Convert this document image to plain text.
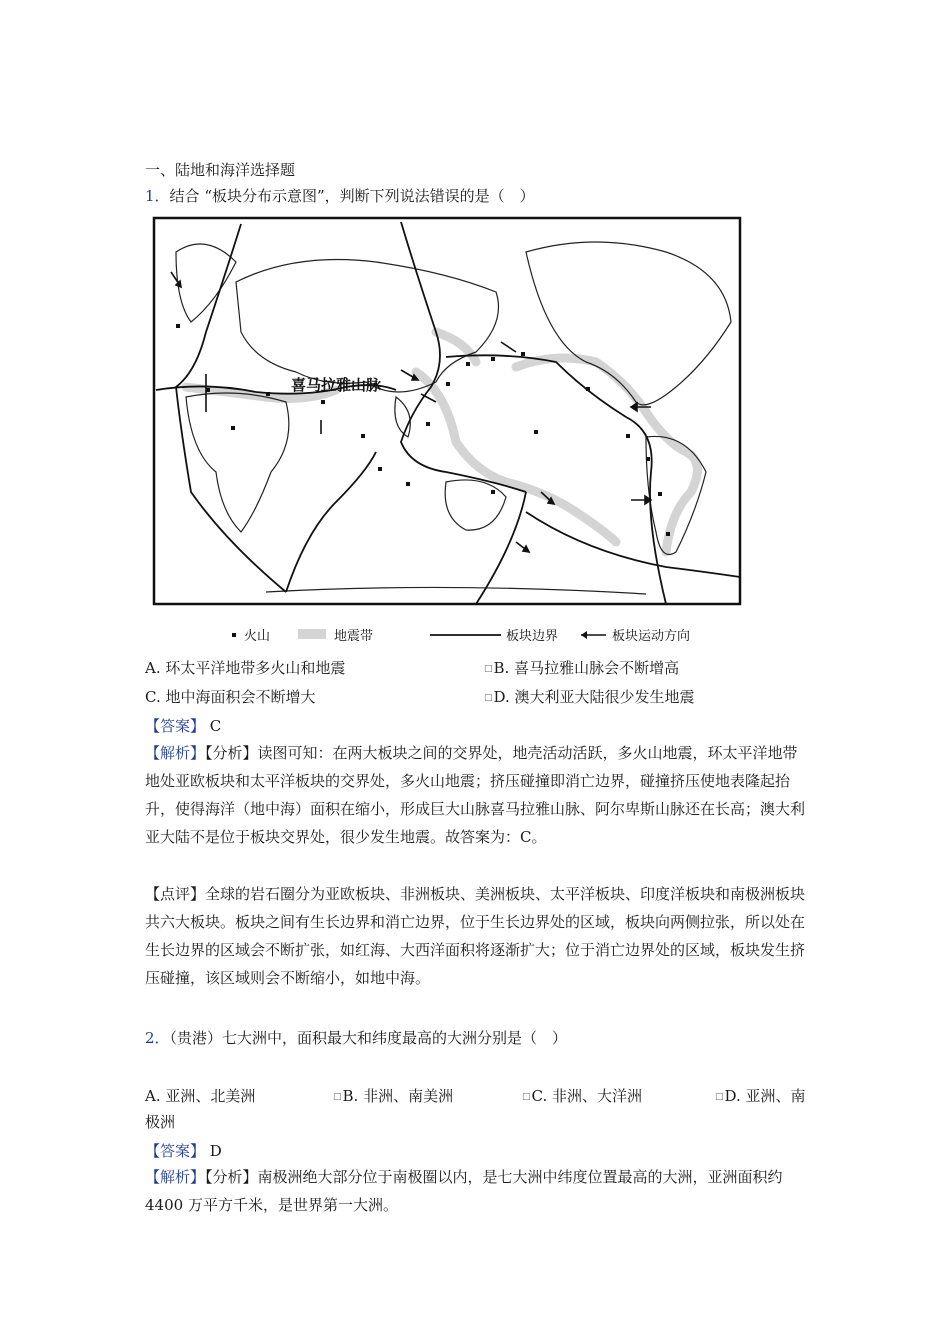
一、陆地和海洋选择题
1．结合 “板块分布示意图”，判断下列说法错误的是（　）
喜马拉雅山脉
火山	地震带	板块边界	板块运动方向
A. 环太平洋地带多火山和地震	□B. 喜马拉雅山脉会不断增高
C. 地中海面积会不断增大	□D. 澳大利亚大陆很少发生地震
【答案】 C
【解析】【分析】读图可知：在两大板块之间的交界处，地壳活动活跃，多火山地震，环太平洋地带地处亚欧板块和太平洋板块的交界处，多火山地震；挤压碰撞即消亡边界，碰撞挤压使地表隆起抬升，使得海洋（地中海）面积在缩小，形成巨大山脉喜马拉雅山脉、阿尔卑斯山脉还在长高；澳大利亚大陆不是位于板块交界处，很少发生地震。故答案为：C。
【点评】全球的岩石圈分为亚欧板块、非洲板块、美洲板块、太平洋板块、印度洋板块和南极洲板块共六大板块。板块之间有生长边界和消亡边界，位于生长边界处的区域，板块向两侧拉张，所以处在生长边界的区域会不断扩张，如红海、大西洋面积将逐渐扩大；位于消亡边界处的区域，板块发生挤压碰撞，该区域则会不断缩小，如地中海。
2．（贵港）七大洲中，面积最大和纬度最高的大洲分别是（　）
A. 亚洲、北美洲	□B. 非洲、南美洲	□C. 非洲、大洋洲	□D. 亚洲、南
极洲
【答案】 D
【解析】【分析】南极洲绝大部分位于南极圈以内，是七大洲中纬度位置最高的大洲，亚洲面积约 4400 万平方千米，是世界第一大洲。
